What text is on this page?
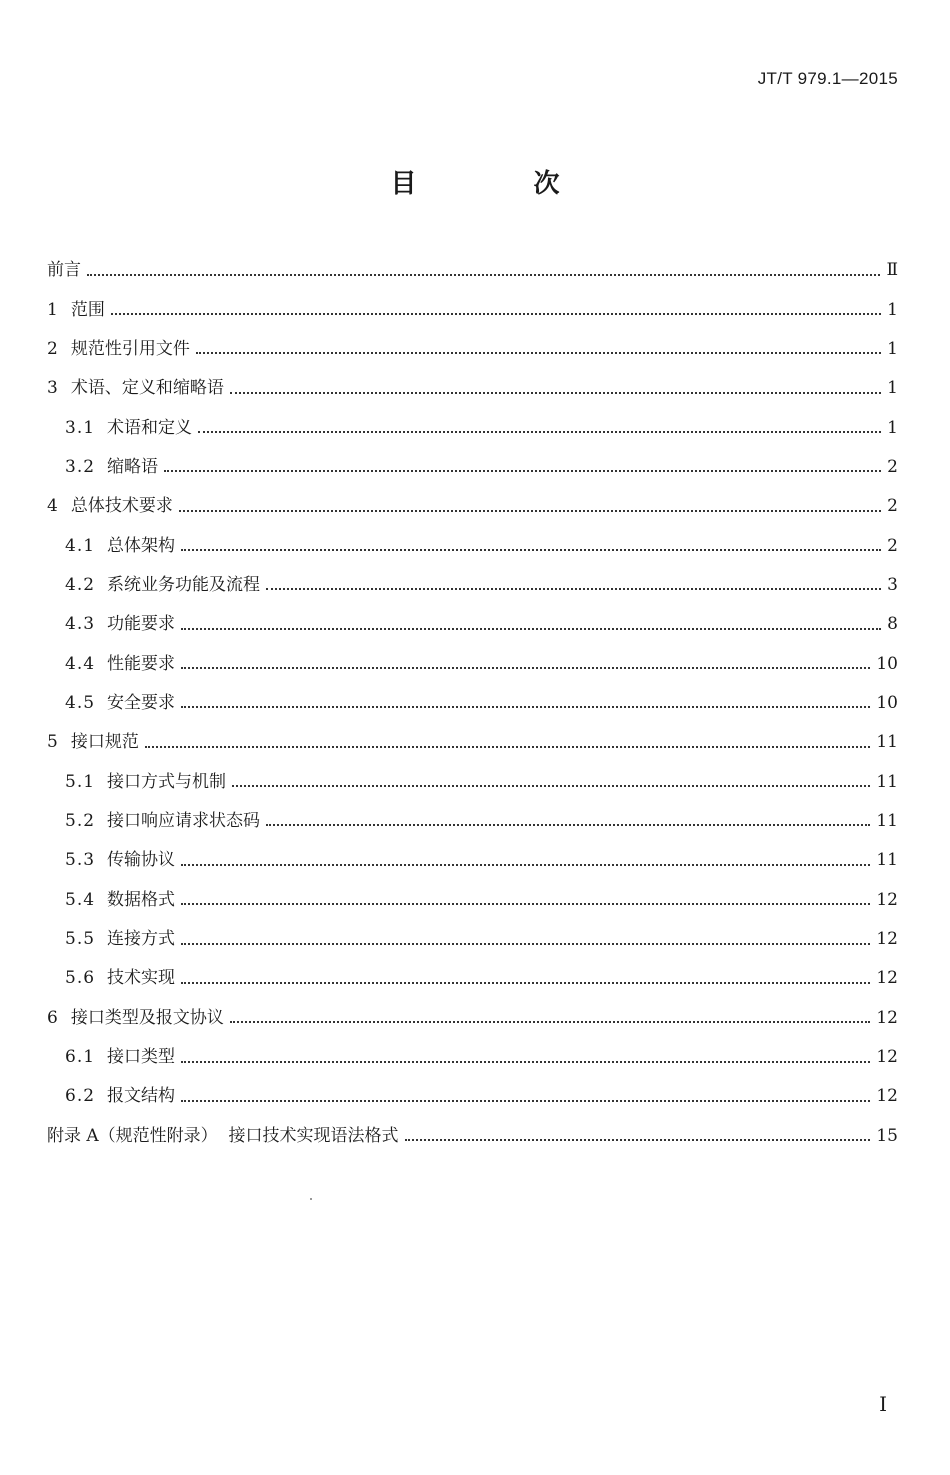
JT/T 979.1—2015
目 次
前言	Ⅱ
1 范围	1
2 规范性引用文件	1
3 术语、定义和缩略语	1
3.1 术语和定义	1
3.2 缩略语	2
4 总体技术要求	2
4.1 总体架构	2
4.2 系统业务功能及流程	3
4.3 功能要求	8
4.4 性能要求	10
4.5 安全要求	10
5 接口规范	11
5.1 接口方式与机制	11
5.2 接口响应请求状态码	11
5.3 传输协议	11
5.4 数据格式	12
5.5 连接方式	12
5.6 技术实现	12
6 接口类型及报文协议	12
6.1 接口类型	12
6.2 报文结构	12
附录 A（规范性附录）  接口技术实现语法格式	15
I
